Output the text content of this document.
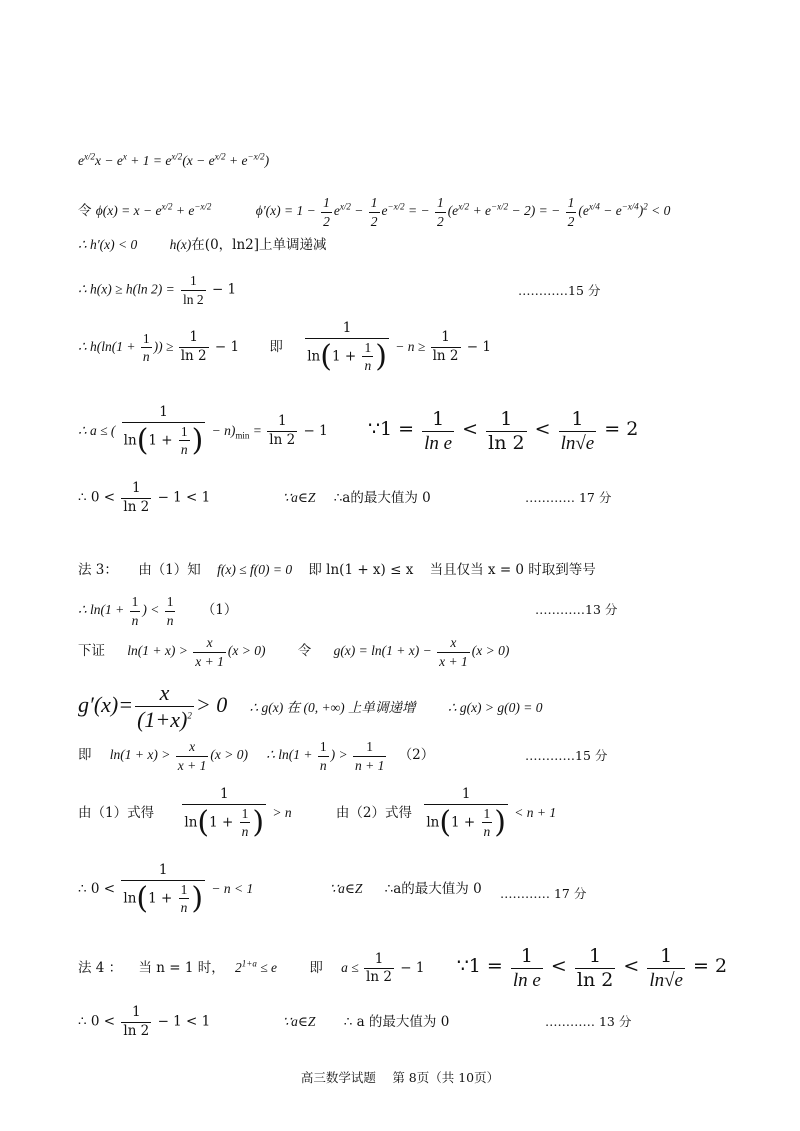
$e^{x/2}x - e^x + 1 = e^{x/2}(x - e^{x/2} + e^{-x/2})$
令 $\phi(x) = x - e^{x/2} + e^{-x/2}$	$\phi'(x) = 1 - \frac{1}{2} e^{x/2} - \frac{1}{2} e^{-x/2}$ = − $\frac{1}{2} (e^{x/2} + e^{-x/2} - 2)$ = − $\frac{1}{2} (e^{x/4} - e^{-x/4})^2 < 0$
∴ h′(x) < 0 h(x)在(0，ln2]上单调递减
∴ h(x) ≥ h(ln $2) = \frac{1}{\ln 2} - 1$	…………15 分
∴ $h(\ln(1 + \frac{1}{n}$ )) ≥ $\frac{1}{\ln 2} - 1$ 即 $\frac{1}{\ln(1 + \frac{1}{n} )} - n \ge \frac{1}{\ln 2} - 1$
∴ a ≤ ( $\frac{1}{\ln(1 + \frac{1}{n} )} - n)_{min} = \frac{1}{\ln 2} - 1$ ∵1 = $\frac{1}{\text{ln e}} < \frac{1}{\ln 2} < \frac{1}{\ln√e} = 2$
∴ $0 < \frac{1}{\ln 2} - 1 < 1$	∵a∈Z ∴a的最大值为 0	………… 17 分
法 3： 由（1）知 f(x) ≤ f(0) = 0 即 ln(1 + x) ≤ x 当且仅当 x = 0 时取到等号
∴ $\ln(1 + \frac{1}{n}$ ) < $\frac{1}{n} (1)$	…………13 分
下证 $\ln(1 + x) > \frac{x}{x + 1} (x > 0)$ 令 $g(x) = \ln(1 + x) - \frac{x}{x + 1} (x > 0)$
$g'(x)= \frac{x}{(1+x)^2} > 0$ ∴ g(x) 在 (0, +∞) 上单调递增 ∴ g(x) > g(0) = 0
即 $\ln(1 + x) > \frac{x}{x + 1} (x > 0)$ ∴ $\ln(1 + \frac{1}{n}$ ) > $\frac{1}{n + 1} (2)$	…………15 分
由（1）式得 $\frac{1}{\ln(1 + \frac{1}{n} )} > n$	由（2）式得 $\frac{1}{\ln(1 + \frac{1}{n} )} < n + 1$
∴ $0 < \frac{1}{\ln(1 + \frac{1}{n} )} - n < 1$	∵a∈Z ∴a的最大值为 0 ………… 17 分
法 4 ： 当 n = 1 时， $2^{1+a} \le e$ 即 $a \le \frac{1}{\ln 2} - 1$ ∵1 = $\frac{1}{\text{ln e}} < \frac{1}{\ln 2} < \frac{1}{\ln√e} = 2$
∴ $0 < \frac{1}{\ln 2} - 1 < 1$	∵a∈Z ∴ a 的最大值为 0	………… 13 分
高三数学试题　 第 8页（共 10页）
